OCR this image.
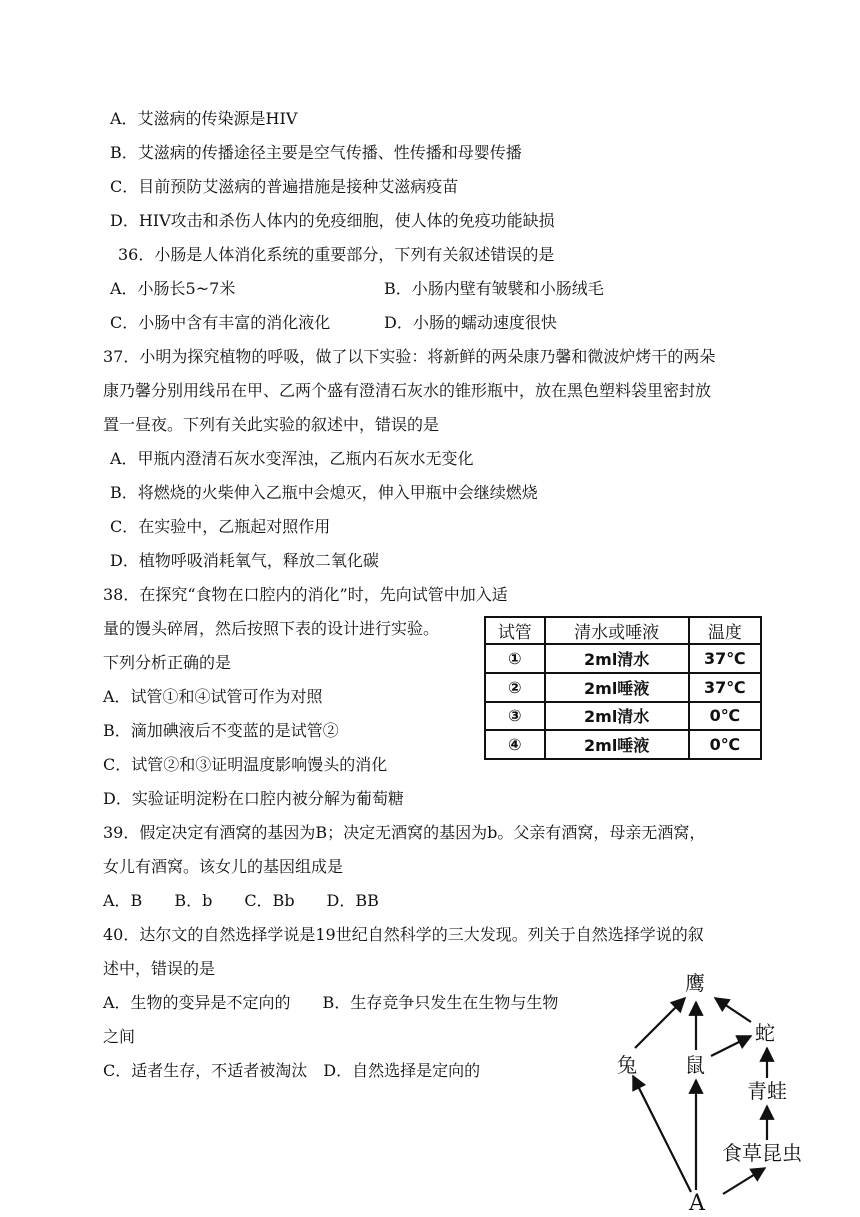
A．艾滋病的传染源是HIV
B．艾滋病的传播途径主要是空气传播、性传播和母婴传播
C．目前预防艾滋病的普遍措施是接种艾滋病疫苗
D．HIV攻击和杀伤人体内的免疫细胞，使人体的免疫功能缺损
36．小肠是人体消化系统的重要部分，下列有关叙述错误的是
A．小肠长5~7米	B．小肠内壁有皱襞和小肠绒毛
C．小肠中含有丰富的消化液化	D．小肠的蠕动速度很快
37．小明为探究植物的呼吸，做了以下实验：将新鲜的两朵康乃馨和微波炉烤干的两朵
康乃馨分别用线吊在甲、乙两个盛有澄清石灰水的锥形瓶中，放在黑色塑料袋里密封放
置一昼夜。下列有关此实验的叙述中，错误的是
A．甲瓶内澄清石灰水变浑浊，乙瓶内石灰水无变化
B．将燃烧的火柴伸入乙瓶中会熄灭，伸入甲瓶中会继续燃烧
C．在实验中，乙瓶起对照作用
D．植物呼吸消耗氧气，释放二氧化碳
38．在探究“食物在口腔内的消化”时，先向试管中加入适
量的馒头碎屑，然后按照下表的设计进行实验。
下列分析正确的是
A．试管①和④试管可作为对照
B．滴加碘液后不变蓝的是试管②
C．试管②和③证明温度影响馒头的消化
D．实验证明淀粉在口腔内被分解为葡萄糖
39．假定决定有酒窝的基因为B；决定无酒窝的基因为b。父亲有酒窝，母亲无酒窝，
女儿有酒窝。该女儿的基因组成是
A．B　　B．b　　C．Bb　　D．BB
40．达尔文的自然选择学说是19世纪自然科学的三大发现。列关于自然选择学说的叙
述中，错误的是
A．生物的变异是不定向的　　B．生存竞争只发生在生物与生物
之间
C．适者生存，不适者被淘汰　D．自然选择是定向的
试管	清水或唾液	温度
①	2ml清水	37℃
②	2ml唾液	37℃
③	2ml清水	0℃
④	2ml唾液	0℃
鹰
兔 鼠
蛇
青蛙
食草昆虫
A
